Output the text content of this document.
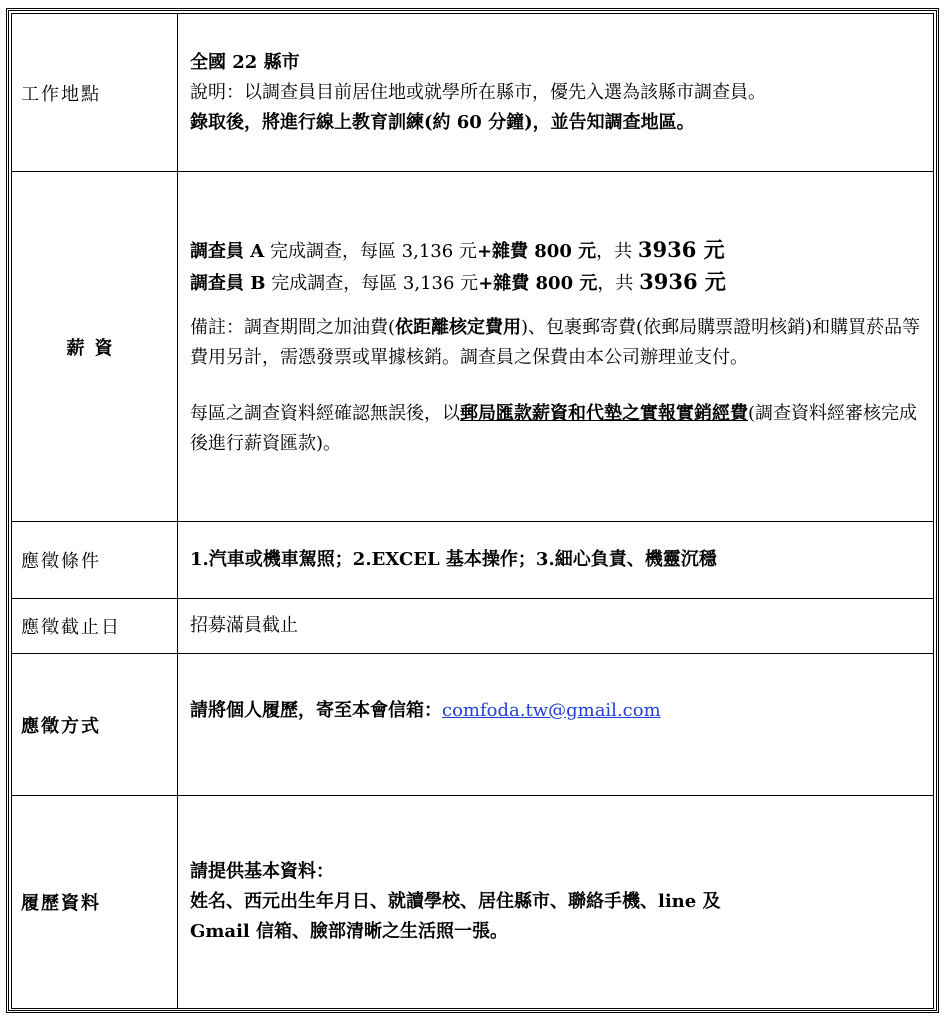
工作地點	全國 22 縣市

說明：以調查員目前居住地或就學所在縣市，優先入選為該縣市調查員。

錄取後，將進行線上教育訓練(約 60 分鐘)，並告知調查地區。

薪資	調查員 A 完成調查，每區 3,136 元+雜費 800 元，共 3936 元

調查員 B 完成調查，每區 3,136 元+雜費 800 元，共 3936 元

備註：調查期間之加油費(依距離核定費用)、包裹郵寄費(依郵局購票證明核銷)和購買菸品等費用另計，需憑發票或單據核銷。調查員之保費由本公司辦理並支付。

每區之調查資料經確認無誤後，以郵局匯款薪資和代墊之實報實銷經費(調查資料經審核完成後進行薪資匯款)。

應徵條件	1.汽車或機車駕照；2.EXCEL 基本操作；3.細心負責、機靈沉穩
應徵截止日	招募滿員截止
應徵方式	請將個人履歷，寄至本會信箱：comfoda.tw@gmail.com
履歷資料	請提供基本資料：

姓名、西元出生年月日、就讀學校、居住縣市、聯絡手機、line 及

Gmail 信箱、臉部清晰之生活照一張。
